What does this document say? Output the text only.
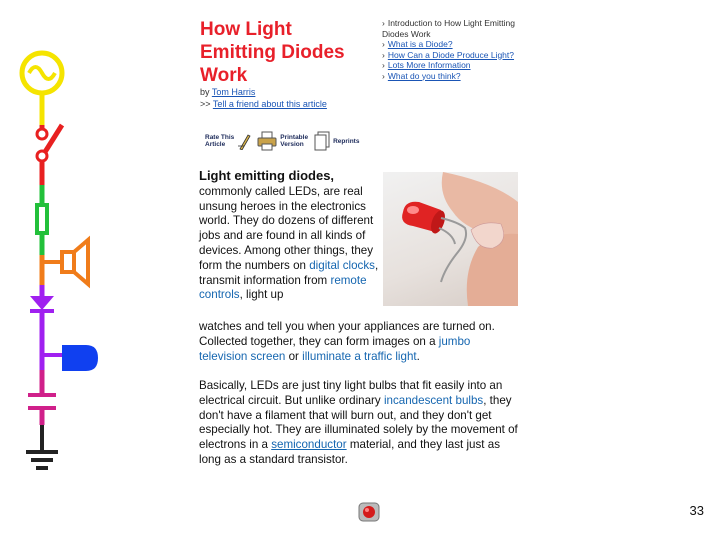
How Light
Emitting Diodes
Work
by Tom Harris
>> Tell a friend about this article
› Introduction to How Light Emitting Diodes Work
› What is a Diode?
› How Can a Diode Produce Light?
› Lots More Information
› What do you think?
Rate This
Article
Printable
Version	Reprints
Light emitting diodes, commonly called LEDs, are real unsung heroes in the electronics world. They do dozens of different jobs and are found in all kinds of devices. Among other things, they form the numbers on digital clocks, transmit information from remote controls, light up
watches and tell you when your appliances are turned on. Collected together, they can form images on a jumbo television screen or illuminate a traffic light.
Basically, LEDs are just tiny light bulbs that fit easily into an electrical circuit. But unlike ordinary incandescent bulbs, they don't have a filament that will burn out, and they don't get especially hot. They are illuminated solely by the movement of electrons in a semiconductor material, and they last just as long as a standard transistor.
33
